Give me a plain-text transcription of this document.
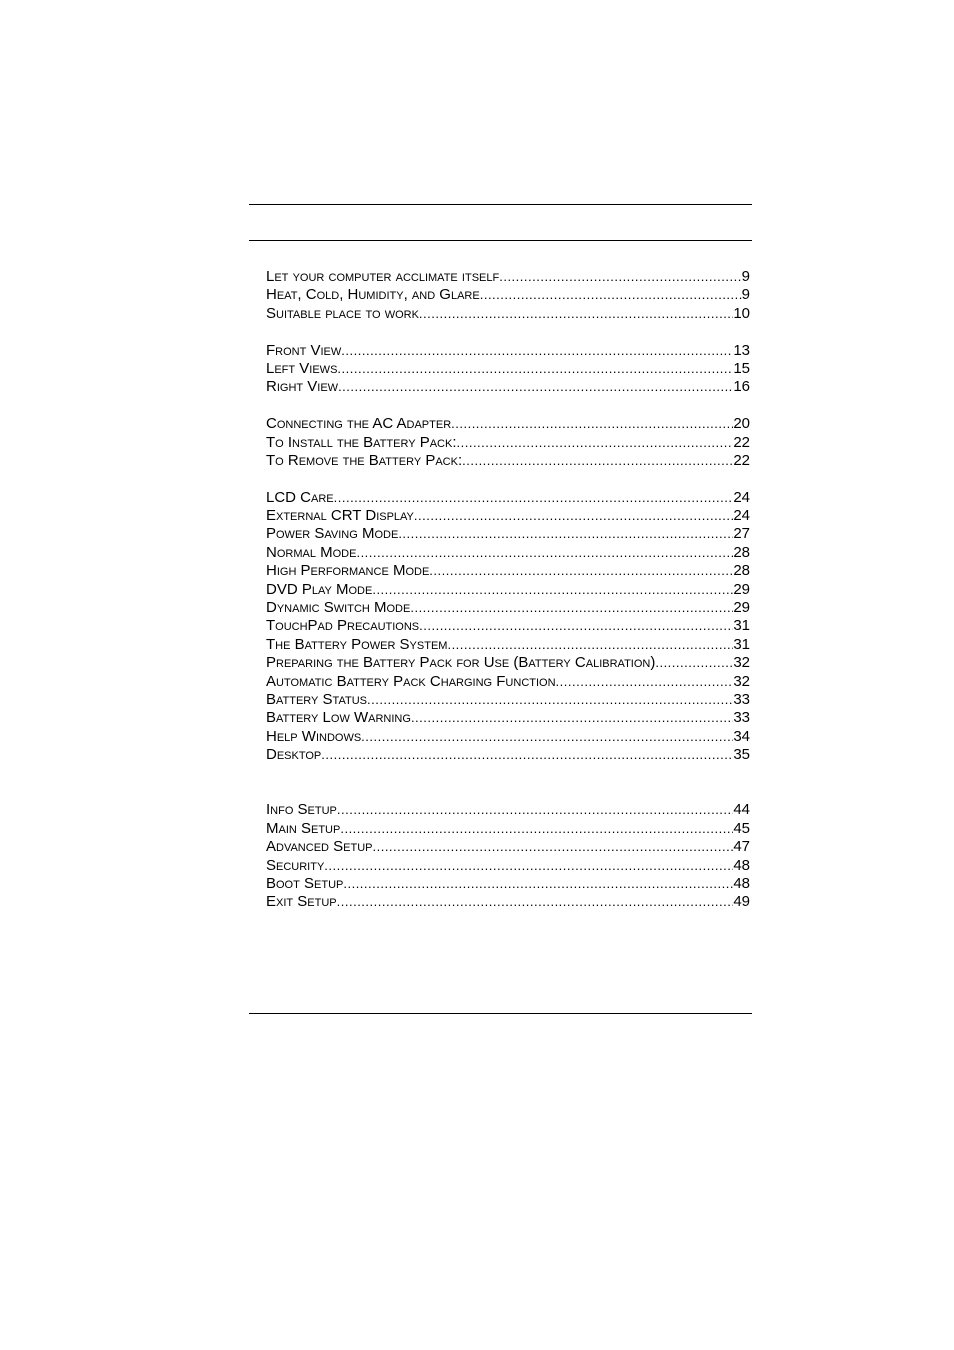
Let your computer acclimate itself .....	9
Heat, Cold, Humidity, and Glare .....	9
Suitable place to work .....	10
Front View .....	13
Left Views .....	15
Right View .....	16
Connecting the AC Adapter .....	20
To Install the Battery Pack: .....	22
To Remove the Battery Pack: .....	22
LCD Care .....	24
External CRT Display .....	24
Power Saving Mode .....	27
Normal Mode .....	28
High Performance Mode .....	28
DVD Play Mode .....	29
Dynamic Switch Mode .....	29
TouchPad Precautions .....	31
The Battery Power System .....	31
Preparing the Battery Pack for Use (Battery Calibration) .....	32
Automatic Battery Pack Charging Function .....	32
Battery Status .....	33
Battery Low Warning .....	33
Help Windows .....	34
Desktop .....	35
Info Setup .....	44
Main Setup .....	45
Advanced Setup .....	47
Security .....	48
Boot Setup .....	48
Exit Setup .....	49
